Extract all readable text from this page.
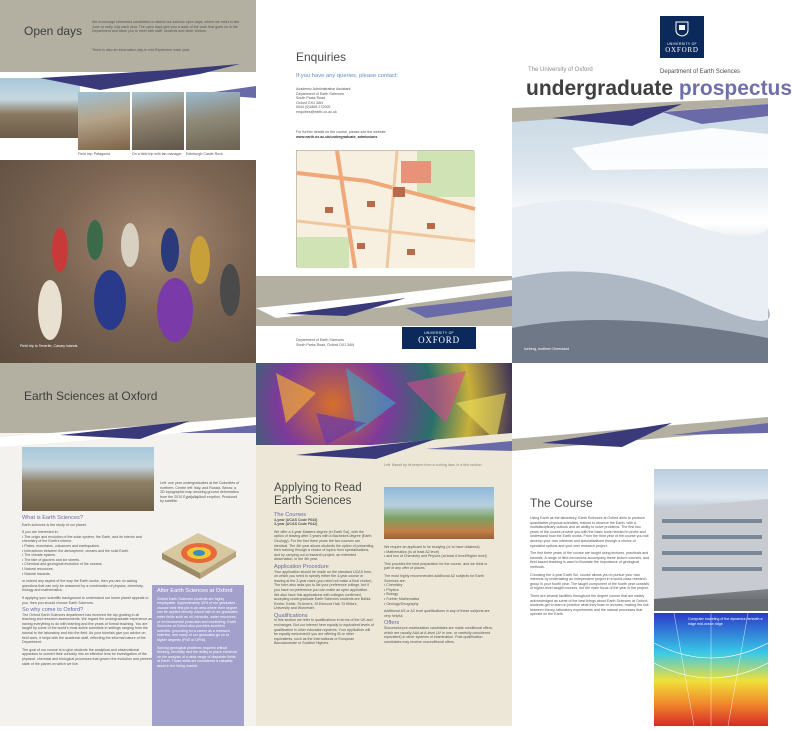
Open days

We encourage interested candidates to attend our science open days, where we meet in late June or early July each year. The open days give you a taste of the work that goes on in the Department and allow you to meet with staff, students and other visitors.

There is also an information day in mid-September each year.

Field trip: Patagonia	On a field trip with lab manager	Edinburgh Castle Rock
Field trip to Tenerife, Canary Islands
Enquiries

If you have any queries, please contact:

Academic Administrative Assistant
Department of Earth Sciences
South Parks Road
Oxford OX1 3AN
0044 (0)1865 272000
enquiries@earth.ox.ac.uk
For further details on the course, please see the website:
www.earth.ox.ac.uk/undergraduate_admissions
Department of Earth Sciences
South Parks Road, Oxford OX1 3AN
UNIVERSITY OF
OXFORD
UNIVERSITY OF
OXFORD
The University of Oxford	Department of Earth Sciences
undergraduate prospectus
Iceberg, northern Greenland
Earth Sciences at Oxford

Left: one year undergraduates at the Dolomites of northern. Centre left: Italy, and Russia. Below: a 3D topographic map showing ground deformation from the 2010 Eyjafjallajökull eruption. Produced by satellite.

What is Earth Sciences?

Earth sciences is the study of our planet.

If you are interested in:

• The origin and evolution of the solar system, the Earth, and its interior and chemistry of the Earth's interior.
• Plates, mountains, volcanoes and earthquakes.
• Interactions between the atmosphere, oceans and the solid Earth.
• The climate system.
• The fate of glaciers and ice sheets.
• Chemical and geological evolution of the oceans.
• Natural resources.
• Natural hazards.

or indeed any aspect of the way the Earth works, then you are on asking questions that can only be answered by a combination of physics, chemistry, biology and mathematics.

If applying your scientific background to understand our home planet appeals to you, then you should choose Earth Sciences.

So why come to Oxford?

The Oxford Earth Sciences department has received the top grading in all teaching and research assessments. We regard the undergraduate experience as having everything to do with learning and five years of formal teaching. You are taught by some of the world's most active scientists in settings ranging from the tutorial to the laboratory and into the field. As your tutorials give you advice on field work, it helps with the academic staff, reflecting the informal nature of the Department.

The goal of our course is to give students the analytical and observational apparatus to convert their curiosity into an effective lens for investigation of the physical, chemical and biological processes that govern the evolution and present state of the planet on which we live.

After Earth Sciences at Oxford

Oxford Earth Sciences students are highly employable. Approximately 40% of our graduates choose their first job in an area where their degree can be applied directly. About half of our graduates enter fields such as oil, minerals, water resources, or environmental protection and monitoring. Earth Sciences at Oxford also provides excellent scientific grounding for a career as a research scientist, and many of our graduates go on to higher degrees (PhD or DPhil).

Solving geological problems requires critical thinking, flexibility and the ability to place evidence on the analysis of a wide range of disparate fields of Earth. Those skills are considered a valuable asset in the hiring market.

Left: Basalt by its texture from a cooling lava, in a thin section
Applying to Read Earth Sciences
The Courses

4-year (UCAS Code F643)

3-year (UCAS Code F642)

We offer a 4-year Masters degree (in Earth Sci), with the option of leaving after 3 years with a Bachelors degree (Earth Geology). For the first three years the two courses are identical. The 4th year allows students the option of presenting their training through a choice of topics from specialisations, and by carrying out a research project, an extended dissertation, in the 4th year.

Application Procedure

Your application should be made on the standard UCAS form, on which you need to specify either the 4-year course or leaving at the 3-year mark (you need not make a final choice). The form also asks you to list your preference college, but if you have no preference you can make an open application. We also have this applications with colleges confirmed, accepting undergraduate Earth Sciences students are Balliol, Exeter, Keble, St Anne's, St Edmund Hall, St Hilda's, University and Worcester.

Qualifications

In this section we refer to qualifications in terms of the UK and exchanges. But our interest here equally to equivalent levels of qualification in other education systems. Your application will be equally welcomed if you are offering IB or other equivalents, such as the International or European Baccalaureate or Scottish Highers.

We require an applicant to be studying (or to have obtained):

• Mathematics (to at least A2 level)
• and two of Chemistry and Physics (at least A level/Higher level)

This provides the best preparation for the course, and we think is part of any offer of places.

The most highly recommended additional A2 subjects for Earth Sciences are:

• Chemistry
• Physics
• Biology
• Further Mathematics
• Geology/Geography

Additional AS or A2 level qualifications in any of these subjects are very helpful.

Offers

Successful pre-matriculation candidates are made conditional offers, which are usually AAA at A-level (A* in one, or carefully considered equivalent) in other systems of examination. Post-qualification candidates may receive unconditional offers.

The Course

Using Earth as the laboratory, Earth Sciences at Oxford aims to produce quantitative physical scientists, trained to observe the Earth, with a multidisciplinary outlook and an ability to solve problems. The first two years of the course provide you with the basic tools needed to probe and understand how the Earth works. From the third year of the course you will develop your own interests and specialisations through a choice of specialist options and your own research project.

The first three years of the course are taught using lectures, practicals and tutorials. A range of field excursions accompany these lecture courses, and field-based teaching is used to illustrate the importance of geological methods.

Choosing the 4-year Earth Sci. course allows you to pursue your own interests by undertaking an independent project in a world-class research group in your fourth year. The taught component of the fourth year consists of higher-level taught courses, but the main focus of the year is the project.

There are several facilities throughout the degree course that are widely acknowledged as some of the best things about Earth Sciences at Oxford: students get to learn in practice what they learn in lectures, making the link between theory, laboratory experiments and the natural processes that operate on the Earth.

Computer modeling of the dynamics beneath a ridge mid-ocean ridge
